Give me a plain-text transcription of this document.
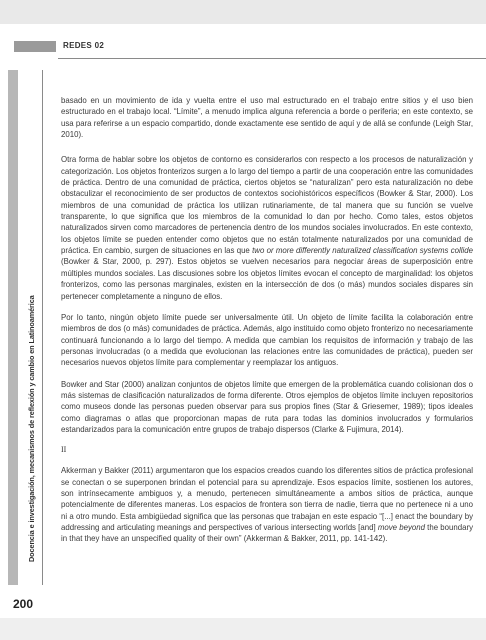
REDES 02
Docencia e investigación, mecanismos de reflexión y cambio en Latinoamérica

basado en un movimiento de ida y vuelta entre el uso mal estructurado en el trabajo entre sitios y el uso bien estructurado en el trabajo local. “Límite”, a menudo implica alguna referencia a borde o periferia; en este contexto, se usa para referirse a un espacio compartido, donde exactamente ese sentido de aquí y de allá se confunde (Leigh Star, 2010).

Otra forma de hablar sobre los objetos de contorno es considerarlos con respecto a los procesos de naturalización y categorización. Los objetos fronterizos surgen a lo largo del tiempo a partir de una cooperación entre las comunidades de práctica. Dentro de una comunidad de práctica, ciertos objetos se “naturalizan” pero esta naturalización no debe obstaculizar el reconocimiento de ser productos de contextos sociohistóricos específicos (Bowker & Star, 2000). Los miembros de una comunidad de práctica los utilizan rutinariamente, de tal manera que su función se vuelve transparente, lo que significa que los miembros de la comunidad lo dan por hecho. Como tales, estos objetos naturalizados sirven como marcadores de pertenencia dentro de los mundos sociales involucrados. En este contexto, los objetos límite se pueden entender como objetos que no están totalmente naturalizados por una comunidad de práctica. En cambio, surgen de situaciones en las que two or more differently naturalized classification systems collide (Bowker & Star, 2000, p. 297). Estos objetos se vuelven necesarios para negociar áreas de superposición entre múltiples mundos sociales. Las discusiones sobre los objetos límites evocan el concepto de marginalidad: los objetos fronterizos, como las personas marginales, existen en la intersección de dos (o más) mundos sociales dispares sin pertenecer completamente a ninguno de ellos.

Por lo tanto, ningún objeto límite puede ser universalmente útil. Un objeto de límite facilita la colaboración entre miembros de dos (o más) comunidades de práctica. Además, algo instituido como objeto fronterizo no necesariamente continuará funcionando a lo largo del tiempo. A medida que cambian los requisitos de información y trabajo de las personas involucradas (o a medida que evolucionan las relaciones entre las comunidades de práctica), pueden ser necesarios nuevos objetos límite para complementar y reemplazar los antiguos.

Bowker and Star (2000) analizan conjuntos de objetos límite que emergen de la problemática cuando colisionan dos o más sistemas de clasificación naturalizados de forma diferente. Otros ejemplos de objetos límite incluyen repositorios como museos donde las personas pueden observar para sus propios fines (Star & Griesemer, 1989); tipos ideales como diagramas o atlas que proporcionan mapas de ruta para todas las dominios involucrados y formularios estandarizados para la comunicación entre grupos de trabajo dispersos (Clarke & Fujimura, 2014).

II

Akkerman y Bakker (2011) argumentaron que los espacios creados cuando los diferentes sitios de práctica profesional se conectan o se superponen brindan el potencial para su aprendizaje. Esos espacios límite, sostienen los autores, son intrínsecamente ambiguos y, a menudo, pertenecen simultáneamente a ambos sitios de práctica, aunque potencialmente de diferentes maneras. Los espacios de frontera son tierra de nadie, tierra que no pertenece ni a uno ni a otro mundo. Esta ambigüedad significa que las personas que trabajan en este espacio “[...] enact the boundary by addressing and articulating meanings and perspectives of various intersecting worlds [and] move beyond the boundary in that they have an unspecified quality of their own” (Akkerman & Bakker, 2011, pp. 141-142).

200
